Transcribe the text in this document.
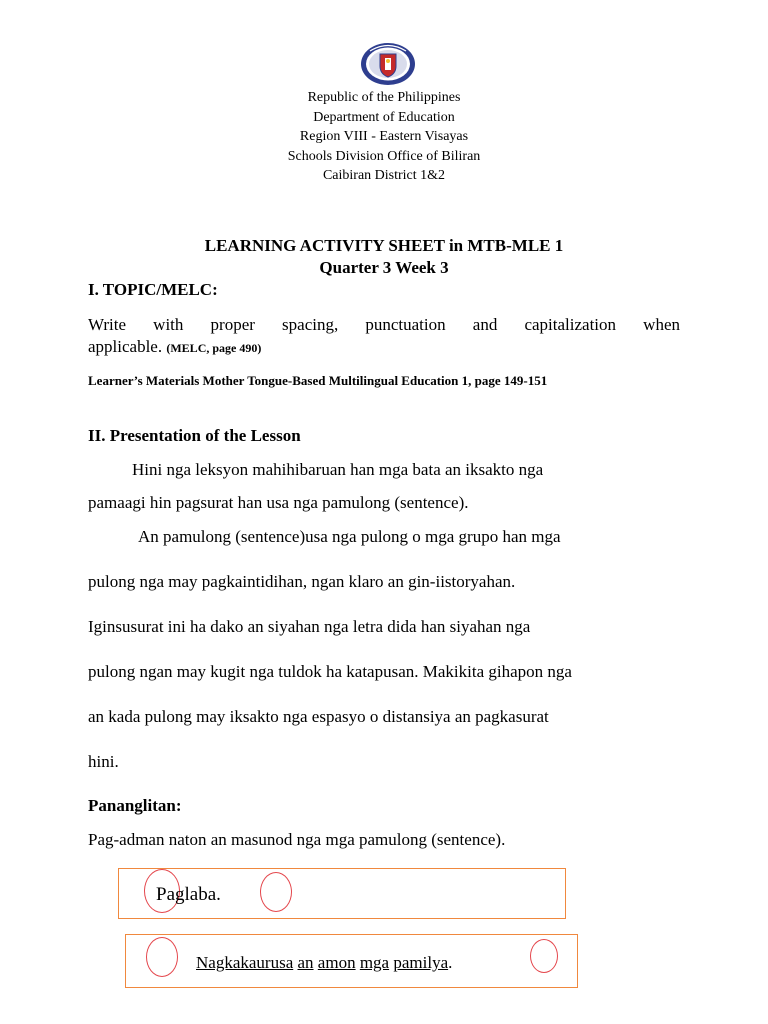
Republic of the Philippines
Department of Education
Region VIII - Eastern Visayas
Schools Division Office of Biliran
Caibiran District 1&2
LEARNING ACTIVITY SHEET in MTB-MLE 1
Quarter 3 Week 3
I. TOPIC/MELC:
Write with proper spacing, punctuation and capitalization when
applicable. (MELC, page 490)
Learner’s Materials Mother Tongue-Based Multilingual Education 1, page 149-151
II. Presentation of the Lesson
Hini nga leksyon mahihibaruan han mga bata an iksakto nga
pamaagi hin pagsurat han usa nga pamulong (sentence).
An pamulong (sentence)usa nga pulong o mga grupo han mga
pulong nga may pagkaintidihan, ngan klaro an gin-iistoryahan.
Iginsusurat ini ha dako an siyahan nga letra dida han siyahan nga
pulong ngan may kugit nga tuldok ha katapusan. Makikita gihapon nga
an kada pulong may iksakto nga espasyo o distansiya an pagkasurat
hini.
Pananglitan:
Pag-adman naton an masunod nga mga pamulong (sentence).
Paglaba.
Nagkakaurusa an amon mga pamilya.
